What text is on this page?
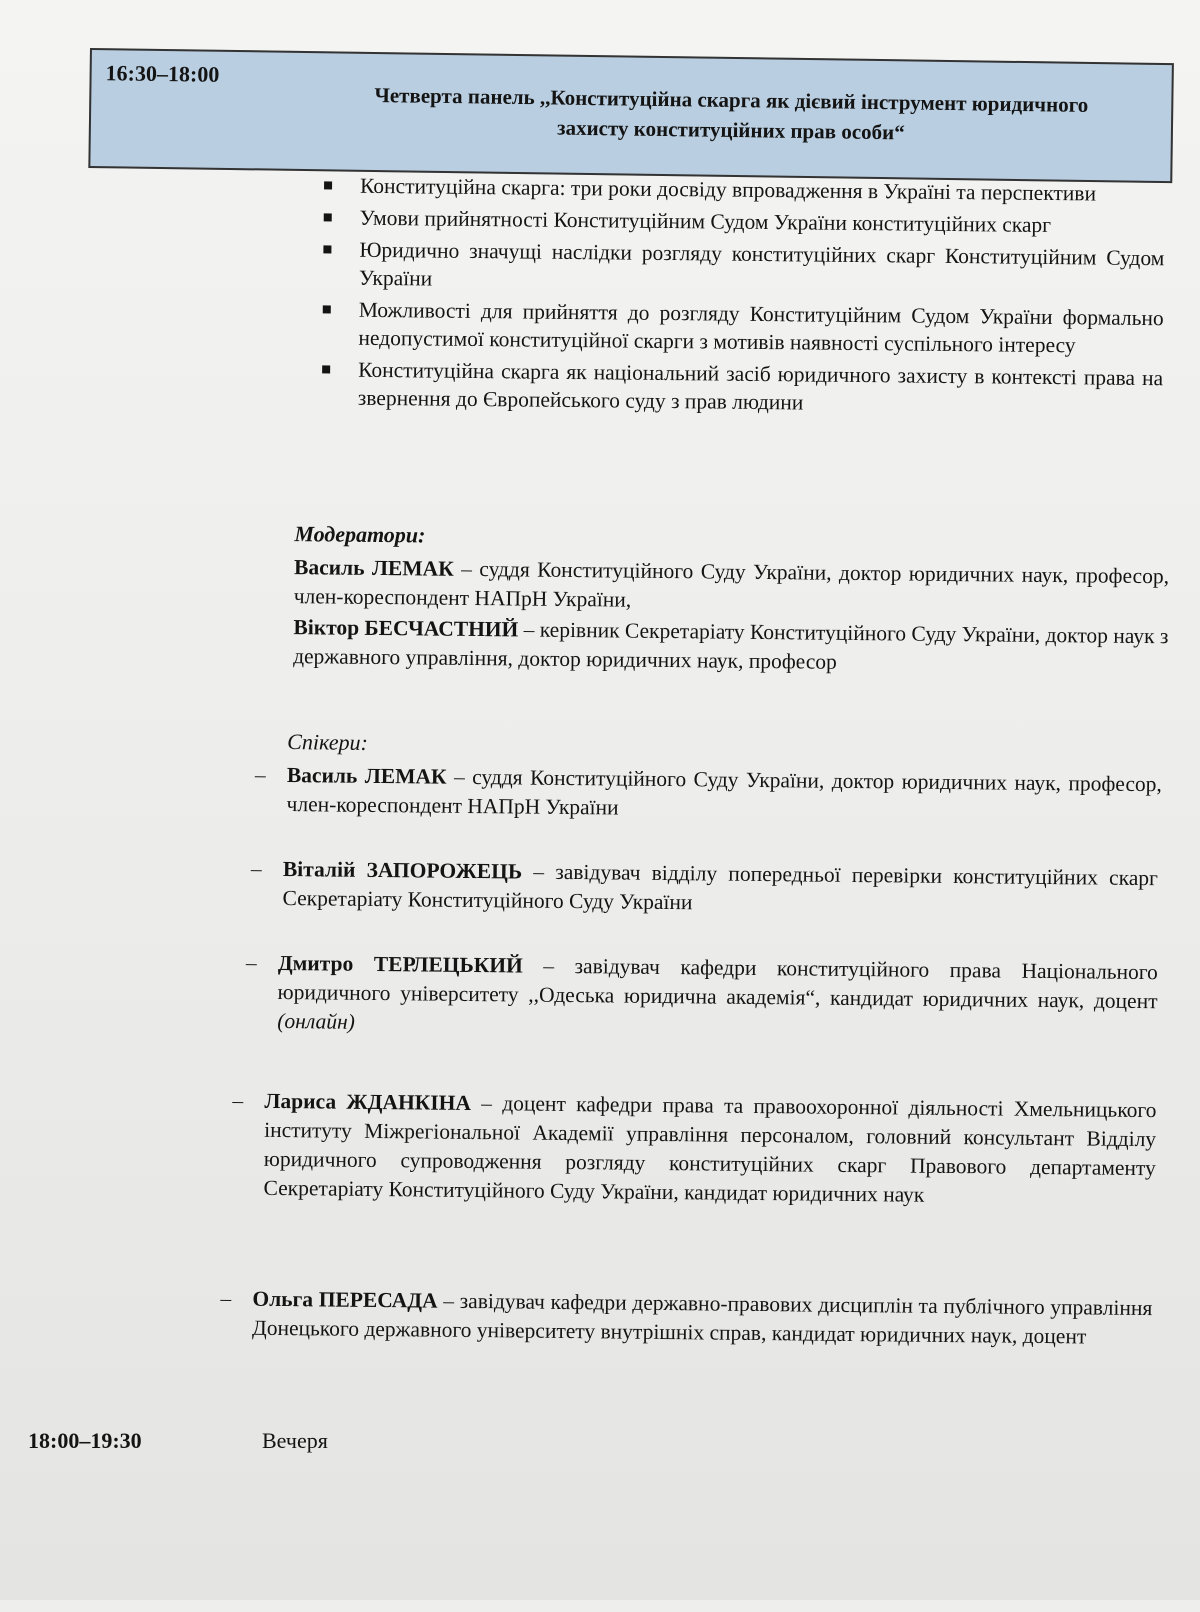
16:30–18:00
Четверта панель ,,Конституційна скарга як дієвий інструмент юридичного захисту конституційних прав особи“
Конституційна скарга: три роки досвіду впровадження в Україні та перспективи
Умови прийнятності Конституційним Судом України конституційних скарг
Юридично значущі наслідки розгляду конституційних скарг Конституційним Судом України
Можливості для прийняття до розгляду Конституційним Судом України формально недопустимої конституційної скарги з мотивів наявності суспільного інтересу
Конституційна скарга як національний засіб юридичного захисту в контексті права на звернення до Європейського суду з прав людини
Модератори:
Василь ЛЕМАК – суддя Конституційного Суду України, доктор юридичних наук, професор, член-кореспондент НАПрН України,
Віктор БЕСЧАСТНИЙ – керівник Секретаріату Конституційного Суду України, доктор наук з державного управління, доктор юридичних наук, професор
Спікери:
– Василь ЛЕМАК – суддя Конституційного Суду України, доктор юридичних наук, професор, член-кореспондент НАПрН України
– Віталій ЗАПОРОЖЕЦЬ – завідувач відділу попередньої перевірки конституційних скарг Секретаріату Конституційного Суду України
– Дмитро ТЕРЛЕЦЬКИЙ – завідувач кафедри конституційного права Національного юридичного університету ,,Одеська юридична академія“, кандидат юридичних наук, доцент (онлайн)
– Лариса ЖДАНКІНА – доцент кафедри права та правоохоронної діяльності Хмельницького інституту Міжрегіональної Академії управління персоналом, головний консультант Відділу юридичного супроводження розгляду конституційних скарг Правового департаменту Секретаріату Конституційного Суду України, кандидат юридичних наук
– Ольга ПЕРЕСАДА – завідувач кафедри державно-правових дисциплін та публічного управління Донецького державного університету внутрішніх справ, кандидат юридичних наук, доцент
18:00–19:30	Вечеря
